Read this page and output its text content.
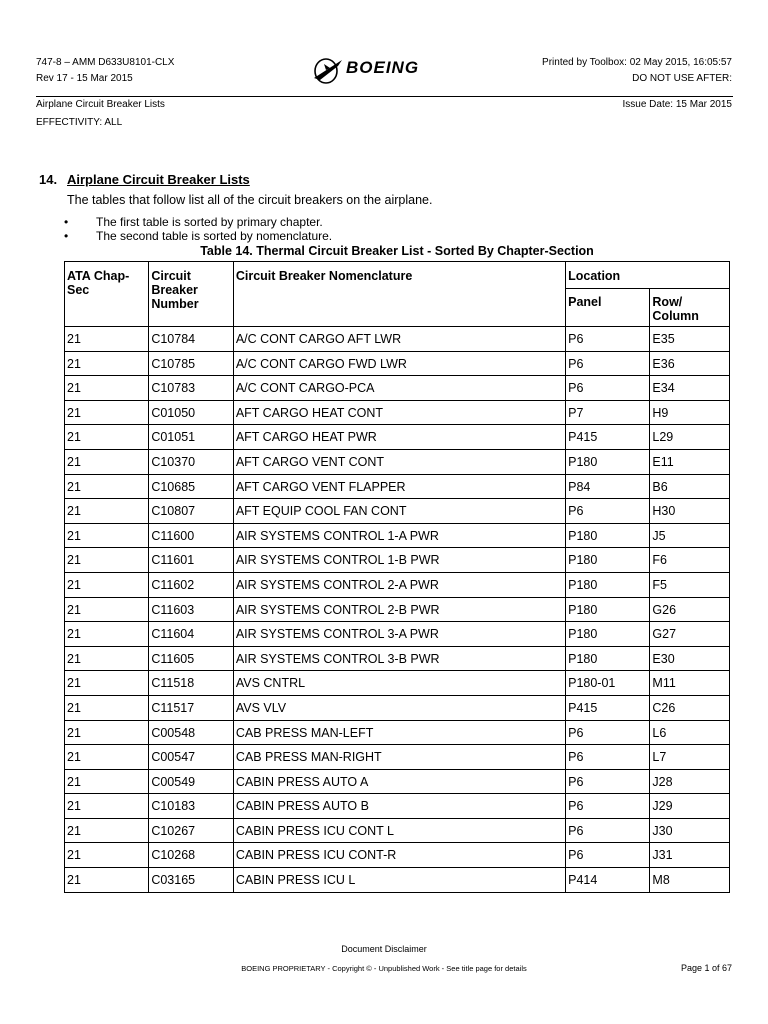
747-8 – AMM D633U8101-CLX
Rev 17 - 15 Mar 2015
Printed by Toolbox: 02 May 2015, 16:05:57
DO NOT USE AFTER:
BOEING
Airplane Circuit Breaker Lists	Issue Date: 15 Mar 2015
EFFECTIVITY: ALL
14. Airplane Circuit Breaker Lists
The tables that follow list all of the circuit breakers on the airplane.
• The first table is sorted by primary chapter.
• The second table is sorted by nomenclature.
Table 14. Thermal Circuit Breaker List - Sorted By Chapter-Section
ATA Chap-Sec	Circuit Breaker Number	Circuit Breaker Nomenclature	Location	
			Panel	Row/ Column
21	C10784	A/C CONT CARGO AFT LWR	P6	E35
21	C10785	A/C CONT CARGO FWD LWR	P6	E36
21	C10783	A/C CONT CARGO-PCA	P6	E34
21	C01050	AFT CARGO HEAT CONT	P7	H9
21	C01051	AFT CARGO HEAT PWR	P415	L29
21	C10370	AFT CARGO VENT CONT	P180	E11
21	C10685	AFT CARGO VENT FLAPPER	P84	B6
21	C10807	AFT EQUIP COOL FAN CONT	P6	H30
21	C11600	AIR SYSTEMS CONTROL 1-A PWR	P180	J5
21	C11601	AIR SYSTEMS CONTROL 1-B PWR	P180	F6
21	C11602	AIR SYSTEMS CONTROL 2-A PWR	P180	F5
21	C11603	AIR SYSTEMS CONTROL 2-B PWR	P180	G26
21	C11604	AIR SYSTEMS CONTROL 3-A PWR	P180	G27
21	C11605	AIR SYSTEMS CONTROL 3-B PWR	P180	E30
21	C11518	AVS CNTRL	P180-01	M11
21	C11517	AVS VLV	P415	C26
21	C00548	CAB PRESS MAN-LEFT	P6	L6
21	C00547	CAB PRESS MAN-RIGHT	P6	L7
21	C00549	CABIN PRESS AUTO A	P6	J28
21	C10183	CABIN PRESS AUTO B	P6	J29
21	C10267	CABIN PRESS ICU CONT L	P6	J30
21	C10268	CABIN PRESS ICU CONT-R	P6	J31
21	C03165	CABIN PRESS ICU L	P414	M8
Document Disclaimer
BOEING PROPRIETARY - Copyright © - Unpublished Work - See title page for details	Page 1 of 67
